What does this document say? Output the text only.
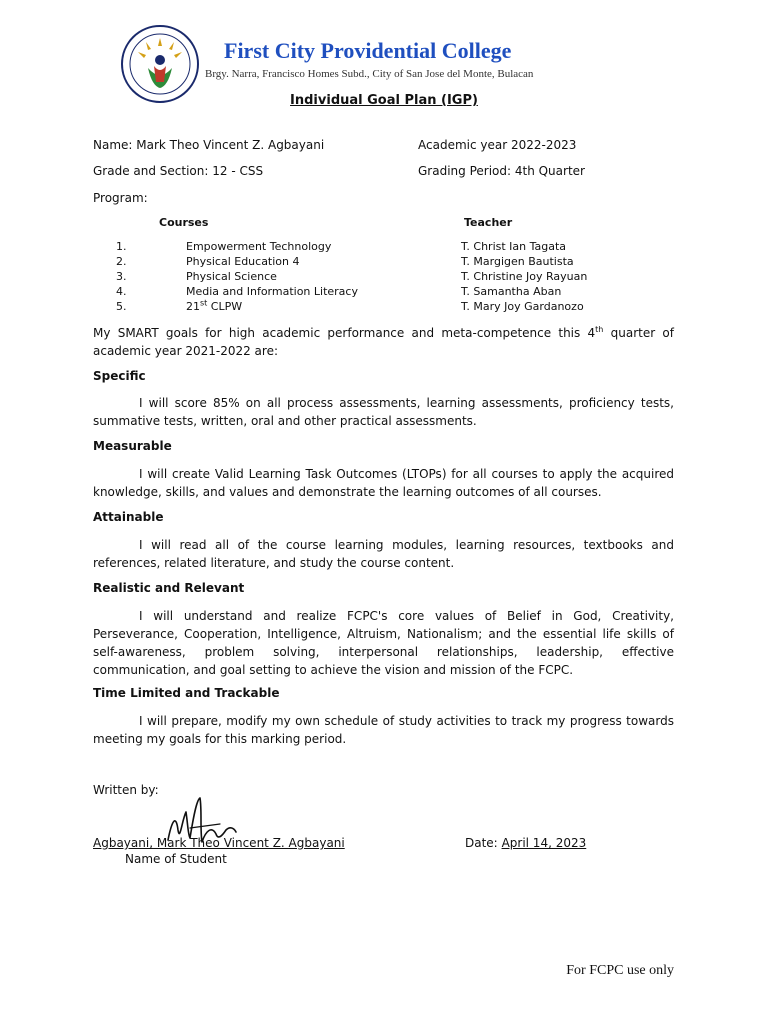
First City Providential College
Brgy. Narra, Francisco Homes Subd., City of San Jose del Monte, Bulacan
Individual Goal Plan (IGP)
Name: Mark Theo Vincent Z. Agbayani	Academic year 2022-2023
Grade and Section: 12 - CSS	Grading Period: 4th Quarter
Program:
Courses	Teacher
1.	Empowerment Technology	T. Christ Ian Tagata
2.	Physical Education 4	T. Margigen Bautista
3.	Physical Science	T. Christine Joy Rayuan
4.	Media and Information Literacy	T. Samantha Aban
5.	21st CLPW	T. Mary Joy Gardanozo
My SMART goals for high academic performance and meta-competence this 4th quarter of academic year 2021-2022 are:
Specific
I will score 85% on all process assessments, learning assessments, proficiency tests, summative tests, written, oral and other practical assessments.
Measurable
I will create Valid Learning Task Outcomes (LTOPs) for all courses to apply the acquired knowledge, skills, and values and demonstrate the learning outcomes of all courses.
Attainable
I will read all of the course learning modules, learning resources, textbooks and references, related literature, and study the course content.
Realistic and Relevant
I will understand and realize FCPC's core values of Belief in God, Creativity, Perseverance, Cooperation, Intelligence, Altruism, Nationalism; and the essential life skills of self-awareness, problem solving, interpersonal relationships, leadership, effective communication, and goal setting to achieve the vision and mission of the FCPC.
Time Limited and Trackable
I will prepare, modify my own schedule of study activities to track my progress towards meeting my goals for this marking period.
Written by:
Agbayani, Mark Theo Vincent Z. Agbayani
Name of Student
Date: April 14, 2023
For FCPC use only
